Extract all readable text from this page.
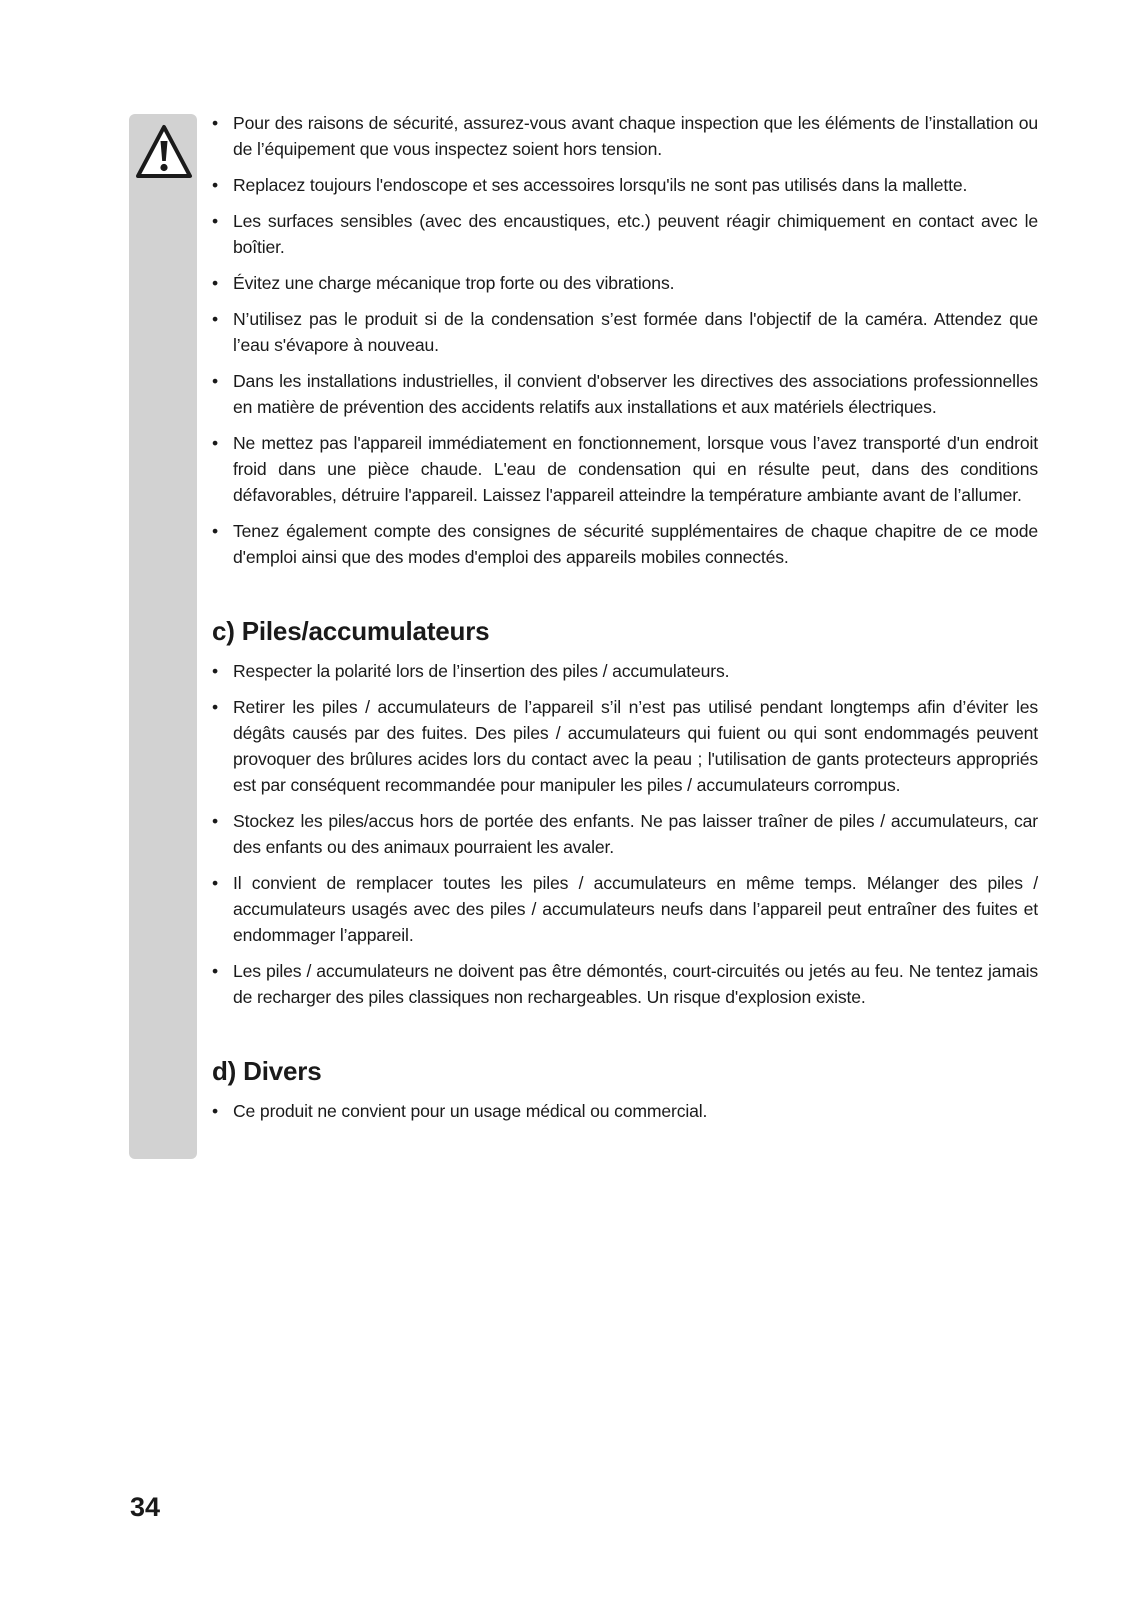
• Pour des raisons de sécurité, assurez-vous avant chaque inspection que les éléments de l’installation ou de l’équipement que vous inspectez soient hors tension.
• Replacez toujours l'endoscope et ses accessoires lorsqu'ils ne sont pas utilisés dans la mallette.
• Les surfaces sensibles (avec des encaustiques, etc.) peuvent réagir chimiquement en contact avec le boîtier.
• Évitez une charge mécanique trop forte ou des vibrations.
• N’utilisez pas le produit si de la condensation s’est formée dans l'objectif de la caméra. Attendez que l’eau s'évapore à nouveau.
• Dans les installations industrielles, il convient d'observer les directives des associations professionnelles en matière de prévention des accidents relatifs aux installations et aux matériels électriques.
• Ne mettez pas l'appareil immédiatement en fonctionnement, lorsque vous l’avez transporté d'un endroit froid dans une pièce chaude. L'eau de condensation qui en résulte peut, dans des conditions défavorables, détruire l'appareil. Laissez l'appareil atteindre la température ambiante avant de l’allumer.
• Tenez également compte des consignes de sécurité supplémentaires de chaque chapitre de ce mode d'emploi ainsi que des modes d'emploi des appareils mobiles connectés.
c) Piles/accumulateurs
• Respecter la polarité lors de l’insertion des piles / accumulateurs.
• Retirer les piles / accumulateurs de l’appareil s’il n’est pas utilisé pendant longtemps afin d’éviter les dégâts causés par des fuites. Des piles / accumulateurs qui fuient ou qui sont endommagés peuvent provoquer des brûlures acides lors du contact avec la peau ; l'utilisation de gants protecteurs appropriés est par conséquent recommandée pour manipuler les piles / accumulateurs corrompus.
• Stockez les piles/accus hors de portée des enfants. Ne pas laisser traîner de piles / accumulateurs, car des enfants ou des animaux pourraient les avaler.
• Il convient de remplacer toutes les piles / accumulateurs en même temps. Mélanger des piles / accumulateurs usagés avec des piles / accumulateurs neufs dans l’appareil peut entraîner des fuites et endommager l’appareil.
• Les piles / accumulateurs ne doivent pas être démontés, court-circuités ou jetés au feu. Ne tentez jamais de recharger des piles classiques non rechargeables. Un risque d'explosion existe.
d) Divers
• Ce produit ne convient pour un usage médical ou commercial.
34
